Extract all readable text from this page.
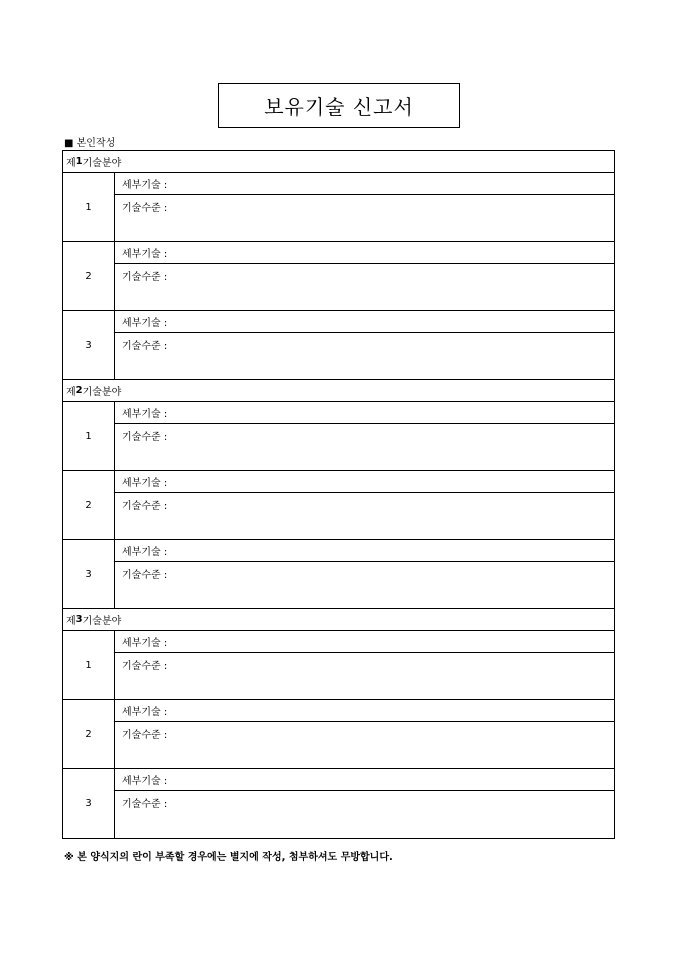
보유기술 신고서
■ 본인작성
제 1 기술분야
1
세부기술 :
기술수준 :
2
세부기술 :
기술수준 :
3
세부기술 :
기술수준 :
제 2 기술분야
1
세부기술 :
기술수준 :
2
세부기술 :
기술수준 :
3
세부기술 :
기술수준 :
제 3 기술분야
1
세부기술 :
기술수준 :
2
세부기술 :
기술수준 :
3
세부기술 :
기술수준 :
※ 본 양식지의 란이 부족할 경우에는 별지에 작성, 첨부하셔도 무방합니다.
